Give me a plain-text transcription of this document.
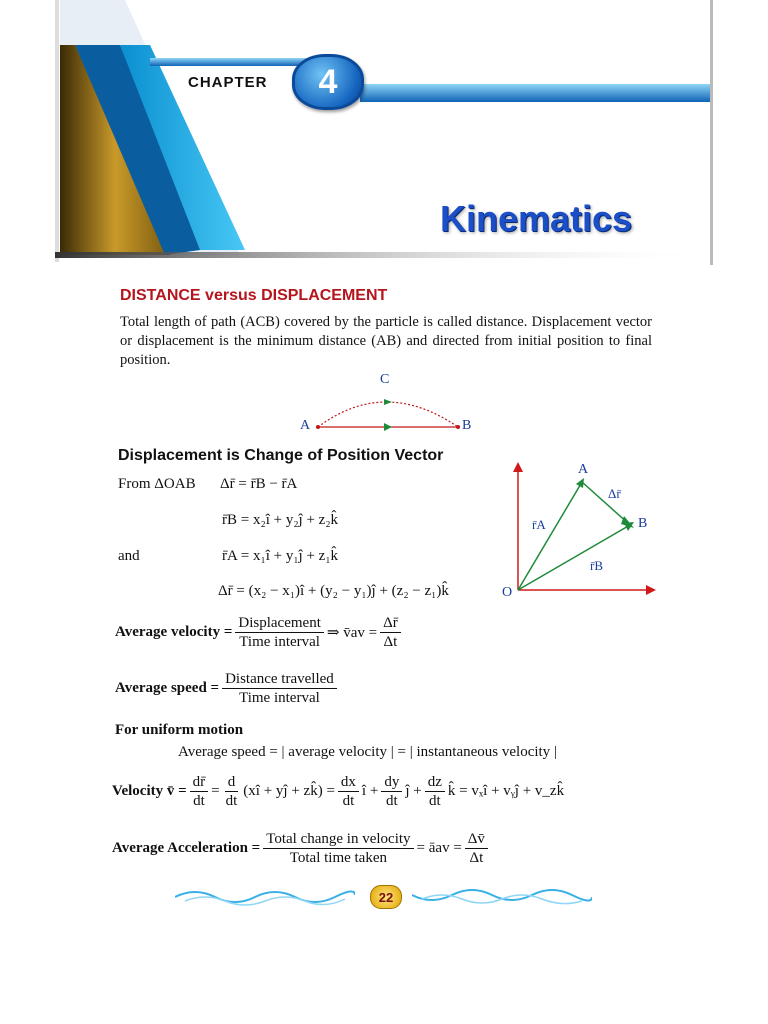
CHAPTER	4
Kinematics
DISTANCE versus DISPLACEMENT
Total length of path (ACB) covered by the particle is called distance. Displacement vector or displacement is the minimum distance (AB) and directed from initial position to final position.
C
A	B
Displacement is Change of Position Vector
From ΔOAB Δr̄ = r̄B − r̄A
r̄B = x₂î + y₂ĵ + z₂k̂
and	r̄A = x₁î + y₁ĵ + z₁k̂
Δr̄ = (x₂ − x₁)î + (y₂ − y₁)ĵ + (z₂ − z₁)k̂	O
A
B
r̄A
r̄B
Δr̄
Average velocity = $\frac{\text{Displacement}}{\text{Time interval}}$ ⇒ v̄av = $\frac{\Delta r̄}{\Delta t}$
Average speed = $\frac{\text{Distance travelled}}{\text{Time interval}}$
For uniform motion
Average speed = | average velocity | = | instantaneous velocity |
Velocity v̄ = $\frac{dr̄}{dt} = \frac{d}{dt}$ (xî + yĵ + zk̂) = $\frac{dx}{dt}$ î + $\frac{dy}{dt}$ ĵ + $\frac{dz}{dt}$ k̂ = vₓî + vᵧĵ + v_zk̂
Average Acceleration = $\frac{\text{Total change in velocity}}{\text{Total time taken}}$ = āav = $\frac{\Delta v̄}{\Delta t}$
22
